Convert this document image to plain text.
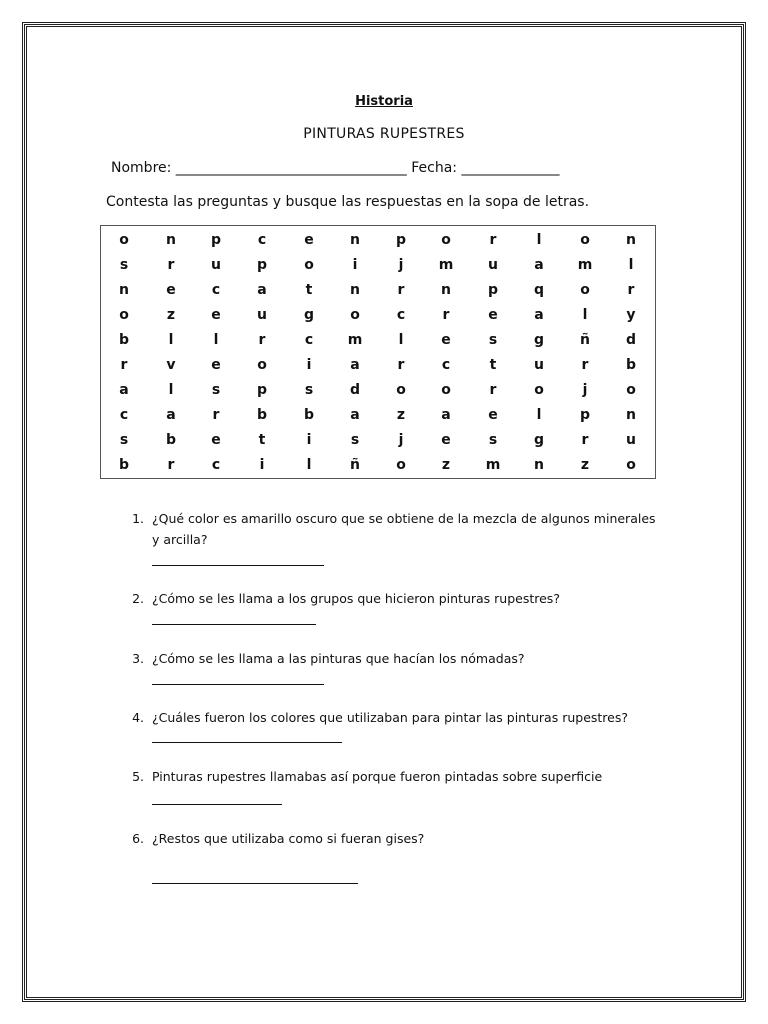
Historia
PINTURAS RUPESTRES
Nombre: _________________________________ Fecha: ______________
Contesta las preguntas y busque las respuestas en la sopa de letras.
o	n	p	c	e	n	p	o	r	l	o	n
s	r	u	p	o	i	j	m	u	a	m	l
n	e	c	a	t	n	r	n	p	q	o	r
o	z	e	u	g	o	c	r	e	a	l	y
b	l	l	r	c	m	l	e	s	g	ñ	d
r	v	e	o	i	a	r	c	t	u	r	b
a	l	s	p	s	d	o	o	r	o	j	o
c	a	r	b	b	a	z	a	e	l	p	n
s	b	e	t	i	s	j	e	s	g	r	u
b	r	c	i	l	ñ	o	z	m	n	z	o
1. ¿Qué color es amarillo oscuro que se obtiene de la mezcla de algunos minerales y arcilla?
2. ¿Cómo se les llama a los grupos que hicieron pinturas rupestres?
3. ¿Cómo se les llama a las pinturas que hacían los nómadas?
4. ¿Cuáles fueron los colores que utilizaban para pintar las pinturas rupestres?
5. Pinturas rupestres llamabas así porque fueron pintadas sobre superficie
6. ¿Restos que utilizaba como si fueran gises?
